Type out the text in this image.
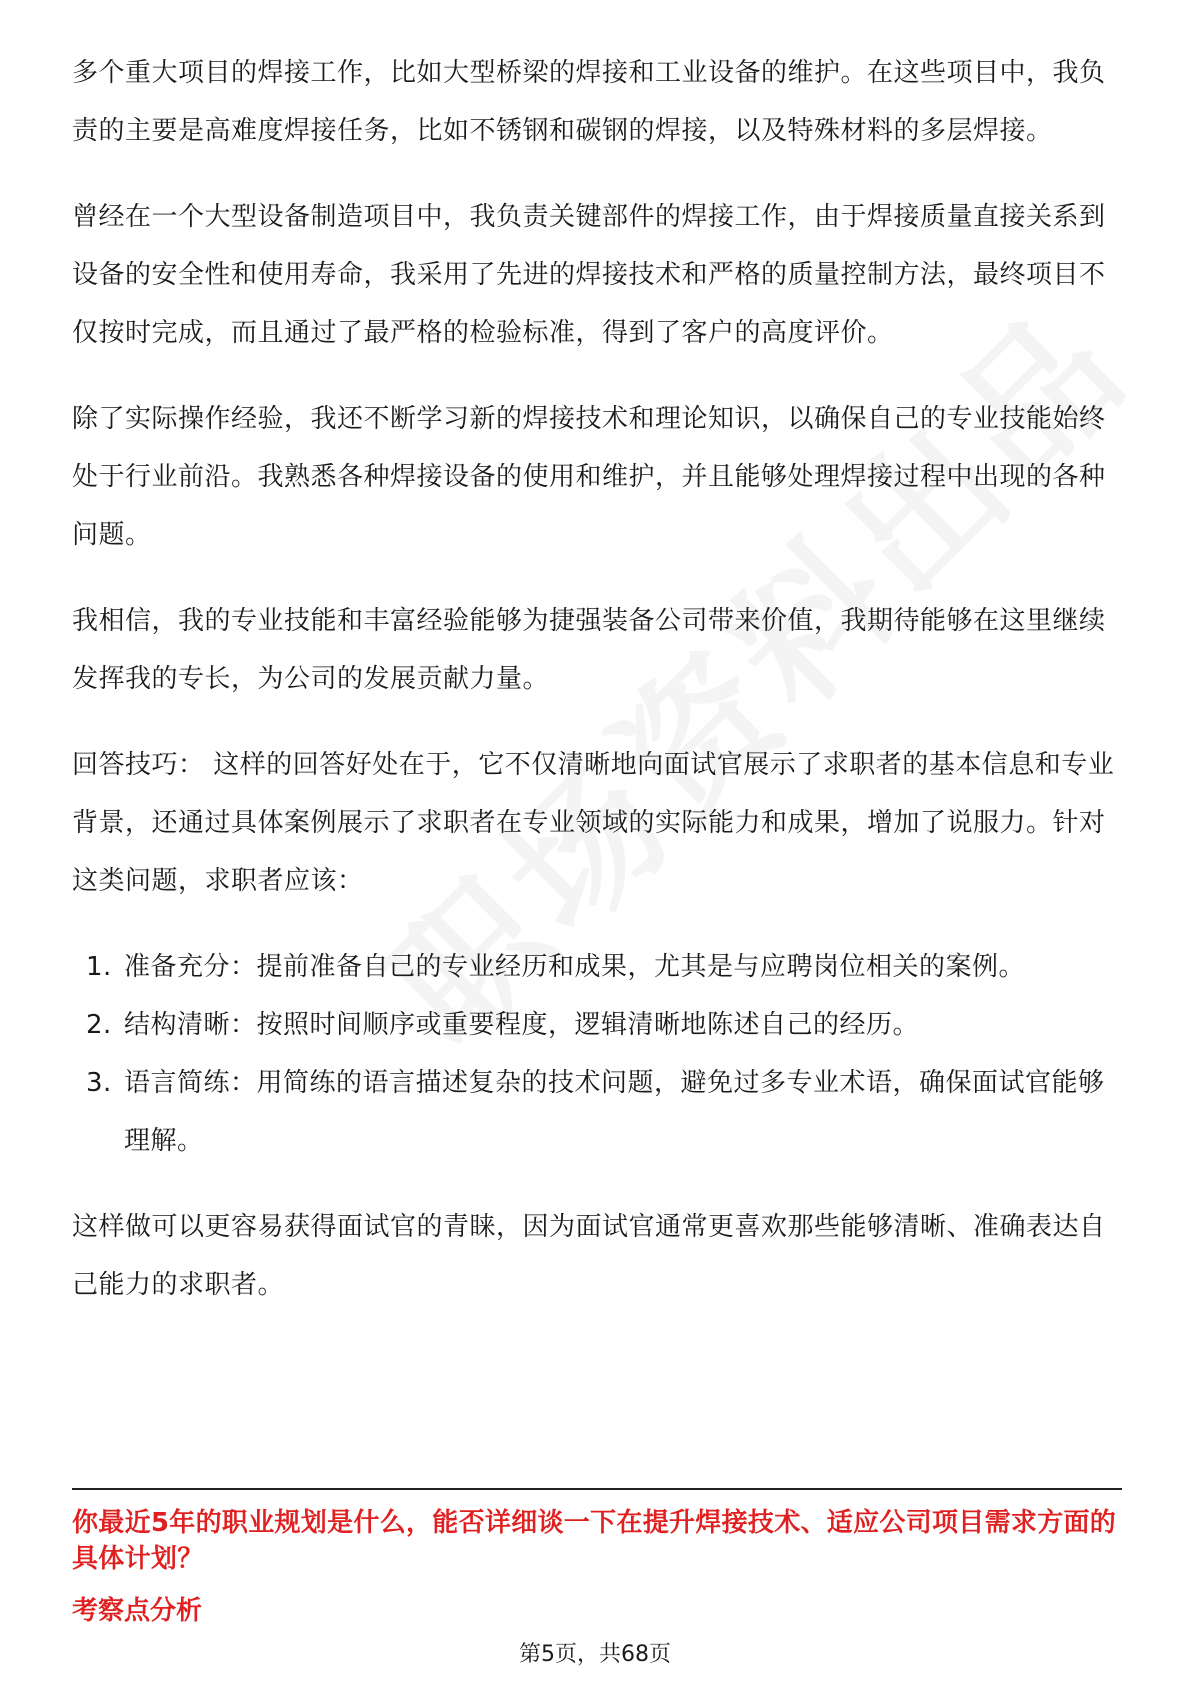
多个重大项目的焊接工作，比如大型桥梁的焊接和工业设备的维护。在这些项目中，我负责的主要是高难度焊接任务，比如不锈钢和碳钢的焊接，以及特殊材料的多层焊接。

曾经在一个大型设备制造项目中，我负责关键部件的焊接工作，由于焊接质量直接关系到设备的安全性和使用寿命，我采用了先进的焊接技术和严格的质量控制方法，最终项目不仅按时完成，而且通过了最严格的检验标准，得到了客户的高度评价。

除了实际操作经验，我还不断学习新的焊接技术和理论知识，以确保自己的专业技能始终处于行业前沿。我熟悉各种焊接设备的使用和维护，并且能够处理焊接过程中出现的各种问题。

我相信，我的专业技能和丰富经验能够为捷强装备公司带来价值，我期待能够在这里继续发挥我的专长，为公司的发展贡献力量。

回答技巧： 这样的回答好处在于，它不仅清晰地向面试官展示了求职者的基本信息和专业背景，还通过具体案例展示了求职者在专业领域的实际能力和成果，增加了说服力。针对这类问题，求职者应该：

1. 准备充分：提前准备自己的专业经历和成果，尤其是与应聘岗位相关的案例。
2. 结构清晰：按照时间顺序或重要程度，逻辑清晰地陈述自己的经历。
3. 语言简练：用简练的语言描述复杂的技术问题，避免过多专业术语，确保面试官能够理解。

这样做可以更容易获得面试官的青睐，因为面试官通常更喜欢那些能够清晰、准确表达自己能力的求职者。

你最近5年的职业规划是什么，能否详细谈一下在提升焊接技术、适应公司项目需求方面的具体计划？
考察点分析
第5页，共68页
